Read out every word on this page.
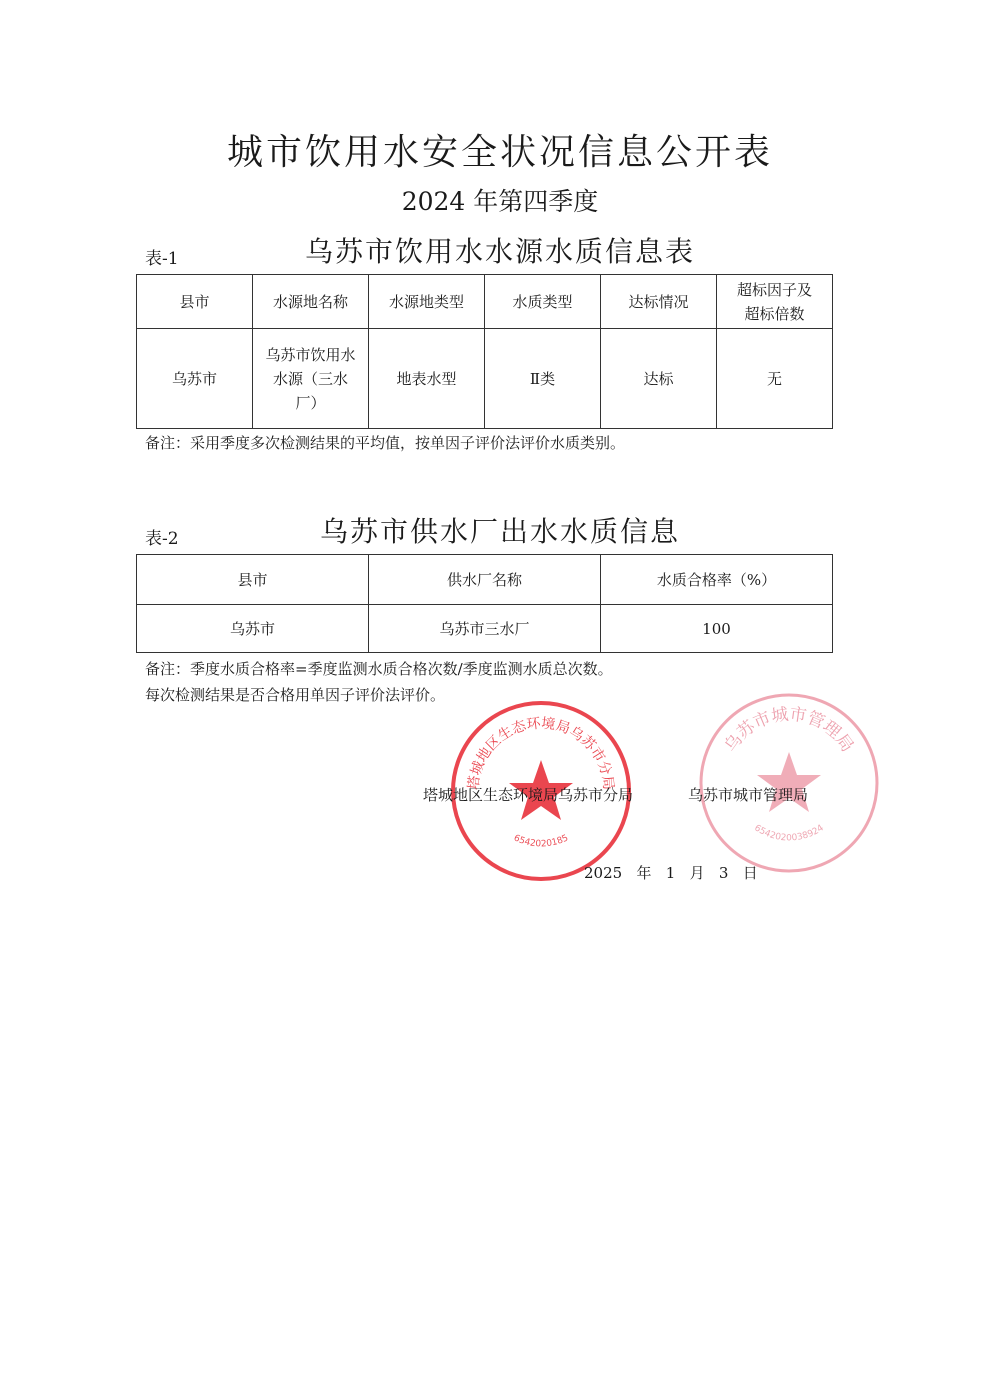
城市饮用水安全状况信息公开表
2024 年第四季度
表-1	乌苏市饮用水水源水质信息表
县市	水源地名称	水源地类型	水质类型	达标情况	超标因子及超标倍数
乌苏市	乌苏市饮用水水源（三水厂）	地表水型	Ⅱ类	达标	无
备注：采用季度多次检测结果的平均值，按单因子评价法评价水质类别。
表-2	乌苏市供水厂出水水质信息
县市	供水厂名称	水质合格率（%）
乌苏市	乌苏市三水厂	100
备注：季度水质合格率=季度监测水质合格次数/季度监测水质总次数。
每次检测结果是否合格用单因子评价法评价。
塔城地区生态环境局乌苏市分局
6542020185
乌苏市城市管理局
6542020038924
塔城地区生态环境局乌苏市分局	乌苏市城市管理局
2025   年   1   月   3   日
